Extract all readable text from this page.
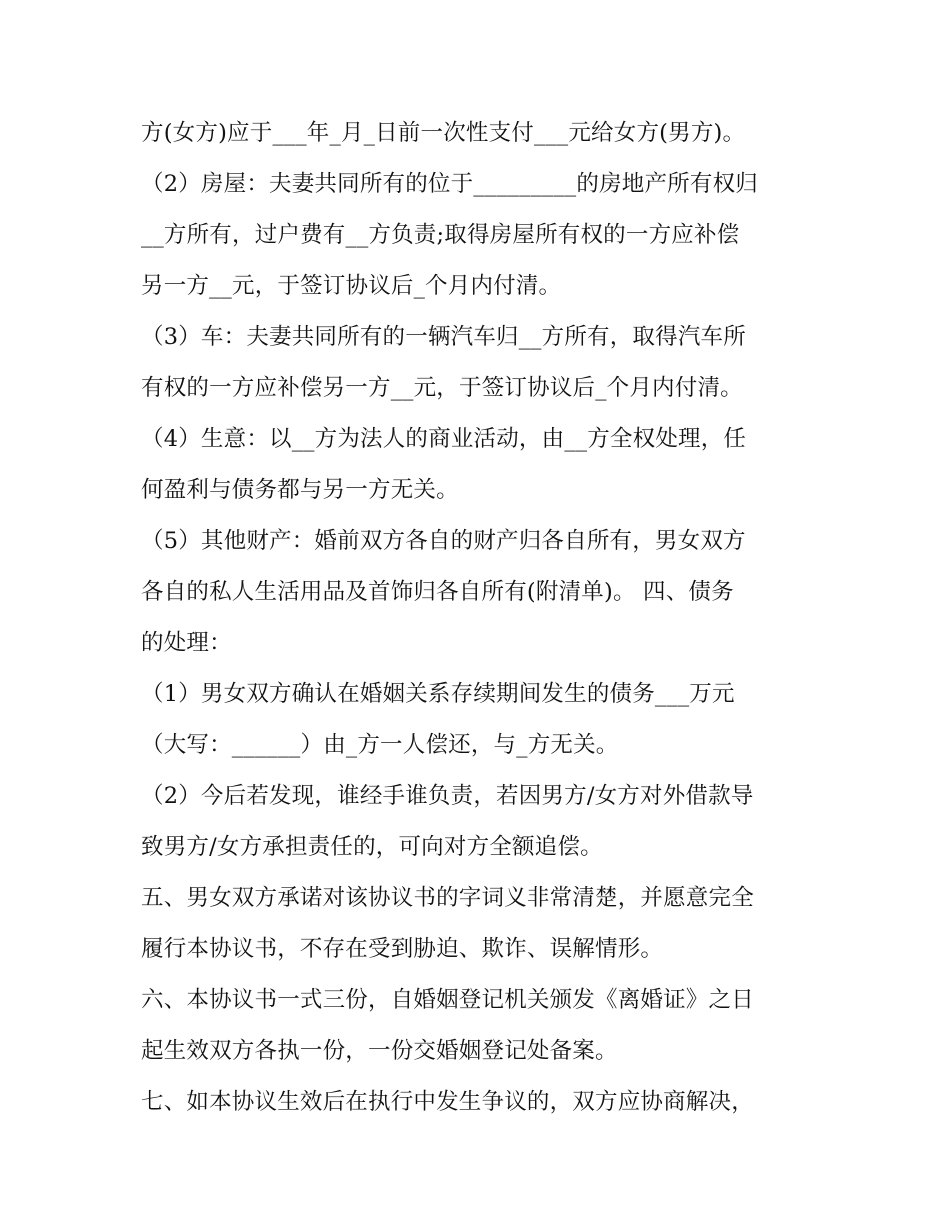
方(女方)应于___年_月_日前一次性支付___元给女方(男方)。
（2）房屋：夫妻共同所有的位于_________的房地产所有权归
__方所有，过户费有__方负责;取得房屋所有权的一方应补偿
另一方__元，于签订协议后_个月内付清。
（3）车：夫妻共同所有的一辆汽车归__方所有，取得汽车所
有权的一方应补偿另一方__元，于签订协议后_个月内付清。
（4）生意：以__方为法人的商业活动，由__方全权处理，任
何盈利与债务都与另一方无关。
（5）其他财产：婚前双方各自的财产归各自所有，男女双方
各自的私人生活用品及首饰归各自所有(附清单)。 四、债务
的处理：
（1）男女双方确认在婚姻关系存续期间发生的债务___万元
（大写：______）由_方一人偿还，与_方无关。
（2）今后若发现，谁经手谁负责，若因男方/女方对外借款导
致男方/女方承担责任的，可向对方全额追偿。
五、男女双方承诺对该协议书的字词义非常清楚，并愿意完全
履行本协议书，不存在受到胁迫、欺诈、误解情形。
六、本协议书一式三份，自婚姻登记机关颁发《离婚证》之日
起生效双方各执一份，一份交婚姻登记处备案。
七、如本协议生效后在执行中发生争议的，双方应协商解决，
